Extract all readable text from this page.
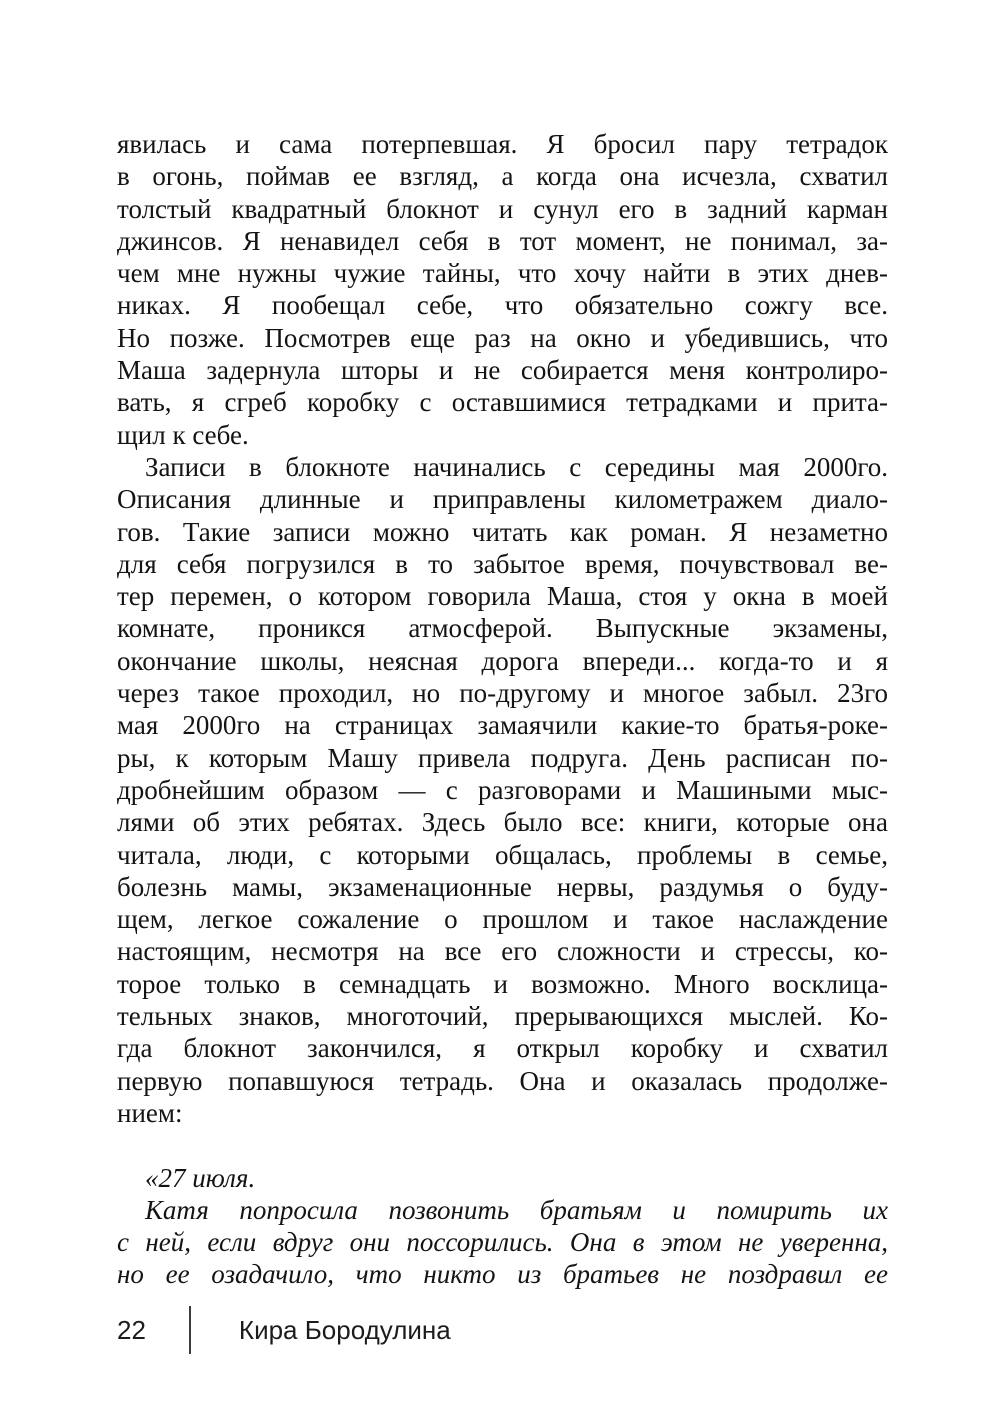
явилась и сама потерпевшая. Я бросил пару тетрадок
в огонь, поймав ее взгляд, а когда она исчезла, схватил
толстый квадратный блокнот и сунул его в задний карман
джинсов. Я ненавидел себя в тот момент, не понимал, за-
чем мне нужны чужие тайны, что хочу найти в этих днев-
никах. Я пообещал себе, что обязательно сожгу все.
Но позже. Посмотрев еще раз на окно и убедившись, что
Маша задернула шторы и не собирается меня контролиро-
вать, я сгреб коробку с оставшимися тетрадками и прита-
щил к себе.
Записи в блокноте начинались с середины мая 2000го.
Описания длинные и приправлены километражем диало-
гов. Такие записи можно читать как роман. Я незаметно
для себя погрузился в то забытое время, почувствовал ве-
тер перемен, о котором говорила Маша, стоя у окна в моей
комнате, проникся атмосферой. Выпускные экзамены,
окончание школы, неясная дорога впереди... когда-то и я
через такое проходил, но по-другому и многое забыл. 23го
мая 2000го на страницах замаячили какие-то братья-роке-
ры, к которым Машу привела подруга. День расписан по-
дробнейшим образом — с разговорами и Машиными мыс-
лями об этих ребятах. Здесь было все: книги, которые она
читала, люди, с которыми общалась, проблемы в семье,
болезнь мамы, экзаменационные нервы, раздумья о буду-
щем, легкое сожаление о прошлом и такое наслаждение
настоящим, несмотря на все его сложности и стрессы, ко-
торое только в семнадцать и возможно. Много восклица-
тельных знаков, многоточий, прерывающихся мыслей. Ко-
гда блокнот закончился, я открыл коробку и схватил
первую попавшуюся тетрадь. Она и оказалась продолже-
нием:
«27 июля.
Катя попросила позвонить братьям и помирить их
с ней, если вдруг они поссорились. Она в этом не уверенна,
но ее озадачило, что никто из братьев не поздравил ее
22	Кира Бородулина
